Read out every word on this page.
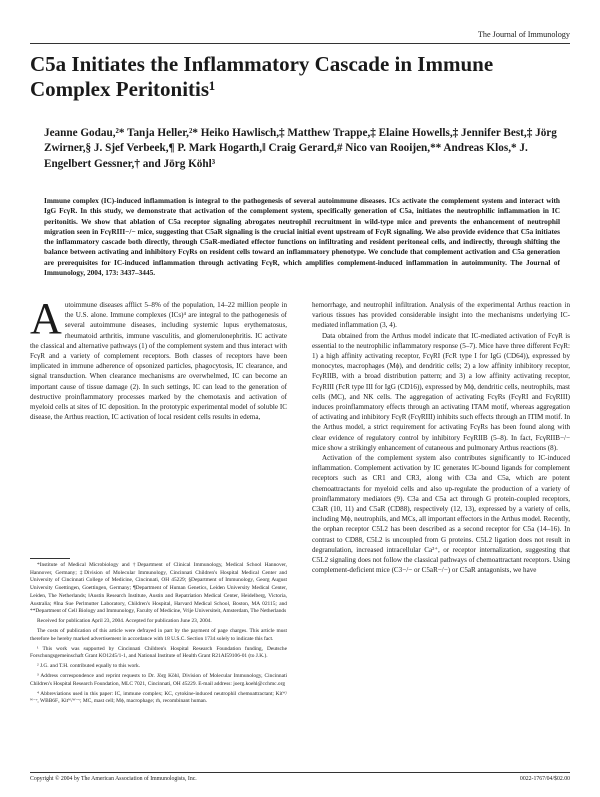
The Journal of Immunology
C5a Initiates the Inflammatory Cascade in Immune Complex Peritonitis¹
Jeanne Godau,²* Tanja Heller,²* Heiko Hawlisch,‡ Matthew Trappe,‡ Elaine Howells,‡ Jennifer Best,‡ Jörg Zwirner,§ J. Sjef Verbeek,¶ P. Mark Hogarth,‖ Craig Gerard,# Nico van Rooijen,** Andreas Klos,* J. Engelbert Gessner,† and Jörg Köhl³
Immune complex (IC)-induced inflammation is integral to the pathogenesis of several autoimmune diseases. ICs activate the complement system and interact with IgG FcγR. In this study, we demonstrate that activation of the complement system, specifically generation of C5a, initiates the neutrophilic inflammation in IC peritonitis. We show that ablation of C5a receptor signaling abrogates neutrophil recruitment in wild-type mice and prevents the enhancement of neutrophil migration seen in FcγRIII−/− mice, suggesting that C5aR signaling is the crucial initial event upstream of FcγR signaling. We also provide evidence that C5a initiates the inflammatory cascade both directly, through C5aR-mediated effector functions on infiltrating and resident peritoneal cells, and indirectly, through shifting the balance between activating and inhibitory FcγRs on resident cells toward an inflammatory phenotype. We conclude that complement activation and C5a generation are prerequisites for IC-induced inflammation through activating FcγR, which amplifies complement-induced inflammation in autoimmunity. The Journal of Immunology, 2004, 173: 3437–3445.

Autoimmune diseases afflict 5–8% of the population, 14–22 million people in the U.S. alone. Immune complexes (ICs)⁴ are integral to the pathogenesis of several autoimmune diseases, including systemic lupus erythematosus, rheumatoid arthritis, immune vasculitis, and glomerulonephritis. IC activate the classical and alternative pathways (1) of the complement system and thus interact with FcγR and a variety of complement receptors. Both classes of receptors have been implicated in immune adherence of opsonized particles, phagocytosis, IC clearance, and signal transduction. When clearance mechanisms are overwhelmed, IC can become an important cause of tissue damage (2). In such settings, IC can lead to the generation of destructive proinflammatory processes marked by the chemotaxis and activation of myeloid cells at sites of IC deposition. In the prototypic experimental model of soluble IC disease, the Arthus reaction, IC activation of local resident cells results in edema,

hemorrhage, and neutrophil infiltration. Analysis of the experimental Arthus reaction in various tissues has provided considerable insight into the mechanisms underlying IC-mediated inflammation (3, 4).

Data obtained from the Arthus model indicate that IC-mediated activation of FcγR is essential to the neutrophilic inflammatory response (5–7). Mice have three different FcγR: 1) a high affinity activating receptor, FcγRI (FcR type I for IgG (CD64)), expressed by monocytes, macrophages (Mϕ), and dendritic cells; 2) a low affinity inhibitory receptor, FcγRIIB, with a broad distribution pattern; and 3) a low affinity activating receptor, FcγRIII (FcR type III for IgG (CD16)), expressed by Mϕ, dendritic cells, neutrophils, mast cells (MC), and NK cells. The aggregation of activating FcγRs (FcγRI and FcγRIII) induces proinflammatory effects through an activating ITAM motif, whereas aggregation of activating and inhibitory FcγR (FcγRIII) inhibits such effects through an ITIM motif. In the Arthus model, a strict requirement for activating FcγRs has been found along with clear evidence of regulatory control by inhibitory FcγRIIB (5–8). In fact, FcγRIIB−/− mice show a strikingly enhancement of cutaneous and pulmonary Arthus reactions (8).

Activation of the complement system also contributes significantly to IC-induced inflammation. Complement activation by IC generates IC-bound ligands for complement receptors such as CR1 and CR3, along with C3a and C5a, which are potent chemoattractants for myeloid cells and also up-regulate the production of a variety of proinflammatory mediators (9). C3a and C5a act through G protein-coupled receptors, C3aR (10, 11) and C5aR (CD88), respectively (12, 13), expressed by a variety of cells, including Mϕ, neutrophils, and MCs, all important effectors in the Arthus model. Recently, the orphan receptor C5L2 has been described as a second receptor for C5a (14–16). In contrast to CD88, C5L2 is uncoupled from G proteins. C5L2 ligation does not result in degranulation, increased intracellular Ca²⁺, or receptor internalization, suggesting that C5L2 signaling does not follow the classical pathways of chemoattractant receptors. Using complement-deficient mice (C3−/− or C5aR−/−) or C5aR antagonists, we have

*Institute of Medical Microbiology and †Department of Clinical Immunology, Medical School Hannover, Hannover, Germany; ‡Division of Molecular Immunology, Cincinnati Children's Hospital Medical Center and University of Cincinnati College of Medicine, Cincinnati, OH 45229; §Department of Immunology, Georg August University Goettingen, Goettingen, Germany; ¶Department of Human Genetics, Leiden University Medical Center, Leiden, The Netherlands; ‖Austin Research Institute, Austin and Repatriation Medical Center, Heidelberg, Victoria, Australia; #Ina Sue Perlmutter Laboratory, Children's Hospital, Harvard Medical School, Boston, MA 02115; and **Department of Cell Biology and Immunology, Faculty of Medicine, Vrije Universiteit, Amsterdam, The Netherlands

Received for publication April 23, 2004. Accepted for publication June 23, 2004.

The costs of publication of this article were defrayed in part by the payment of page charges. This article must therefore be hereby marked advertisement in accordance with 18 U.S.C. Section 1734 solely to indicate this fact.

¹ This work was supported by Cincinnati Children's Hospital Research Foundation funding, Deutsche Forschungsgemeinschaft Grant KO1245/1-1, and National Institute of Health Grant R21AI59106-01 (to J.K.).

² J.G. and T.H. contributed equally to this work.

³ Address correspondence and reprint requests to Dr. Jörg Köhl, Division of Molecular Immunology, Cincinnati Children's Hospital Research Foundation, MLC 7021, Cincinnati, OH 45229. E-mail address: joerg.koehl@cchmc.org

⁴ Abbreviations used in this paper: IC, immune complex; KC, cytokine-induced neutrophil chemoattractant; Kitᵂ/ᵂ⁻ᵛ, WBB6F₁ Kitᵂ/ᵂ⁻ᵛ; MC, mast cell; Mϕ, macrophage; rh, recombinant human.

Copyright © 2004 by The American Association of Immunologists, Inc.	0022-1767/04/$02.00
